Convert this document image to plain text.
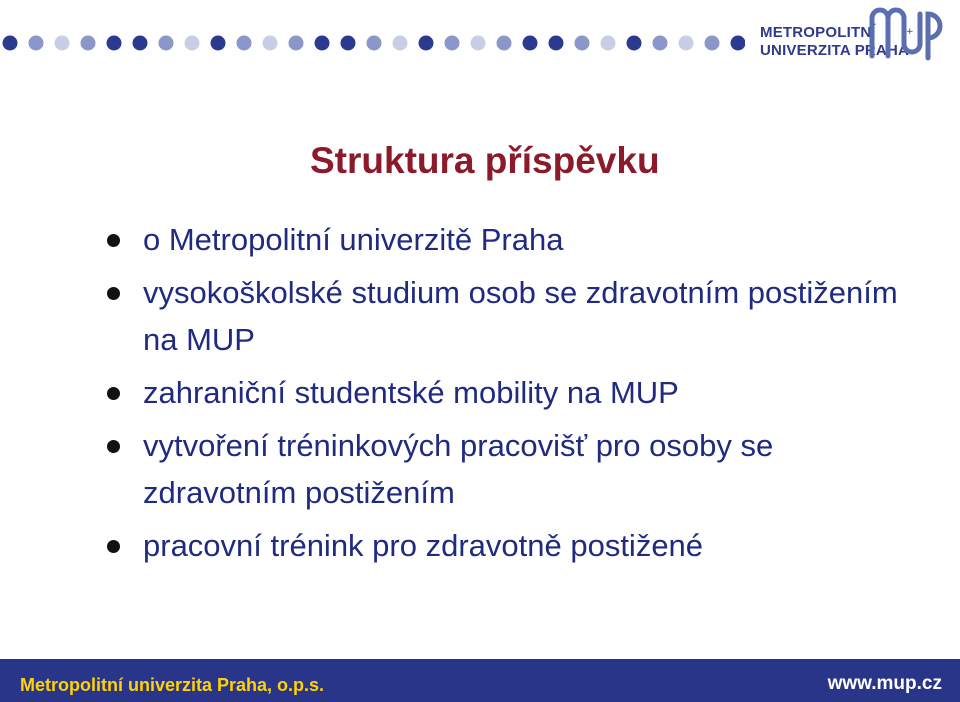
METROPOLITNÍ
UNIVERZITA PRAHA
+
Struktura příspěvku
o Metropolitní univerzitě Praha
vysokoškolské studium osob se zdravotním postižením na MUP
zahraniční studentské mobility na MUP
vytvoření tréninkových pracovišť pro osoby se zdravotním postižením
pracovní trénink pro zdravotně postižené
Metropolitní univerzita Praha, o.p.s.	www.mup.cz
